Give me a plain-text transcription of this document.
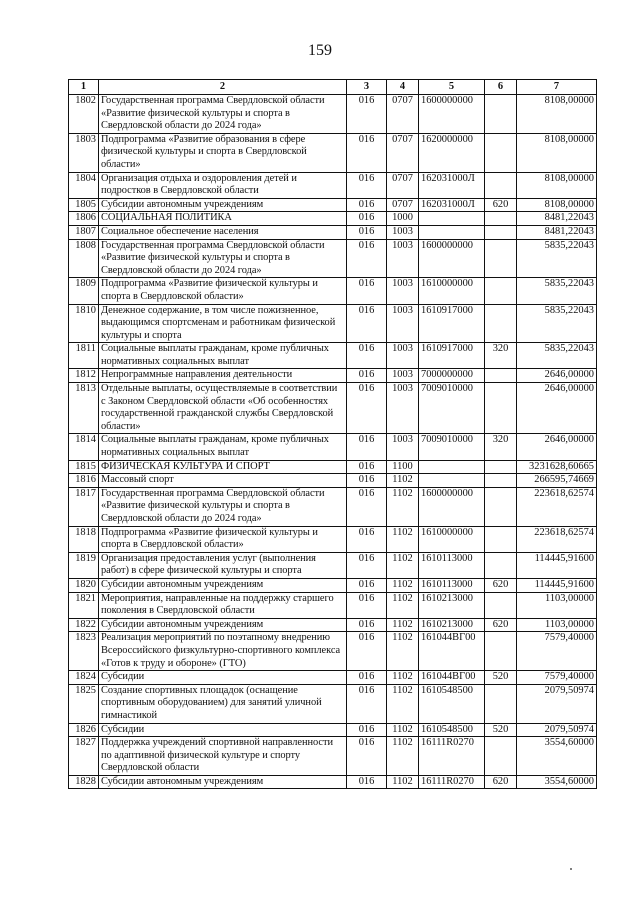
159
1	2	3	4	5	6	7
1802	Государственная программа Свердловской области «Развитие физической культуры и спорта в Свердловской области до 2024 года»	016	0707	1600000000		8108,00000
1803	Подпрограмма «Развитие образования в сфере физической культуры и спорта в Свердловской области»	016	0707	1620000000		8108,00000
1804	Организация отдыха и оздоровления детей и подростков в Свердловской области	016	0707	162031000Л		8108,00000
1805	Субсидии автономным учреждениям	016	0707	162031000Л	620	8108,00000
1806	СОЦИАЛЬНАЯ ПОЛИТИКА	016	1000			8481,22043
1807	Социальное обеспечение населения	016	1003			8481,22043
1808	Государственная программа Свердловской области «Развитие физической культуры и спорта в Свердловской области до 2024 года»	016	1003	1600000000		5835,22043
1809	Подпрограмма «Развитие физической культуры и спорта в Свердловской области»	016	1003	1610000000		5835,22043
1810	Денежное содержание, в том числе пожизненное, выдающимся спортсменам и работникам физической культуры и спорта	016	1003	1610917000		5835,22043
1811	Социальные выплаты гражданам, кроме публичных нормативных социальных выплат	016	1003	1610917000	320	5835,22043
1812	Непрограммные направления деятельности	016	1003	7000000000		2646,00000
1813	Отдельные выплаты, осуществляемые в соответствии с Законом Свердловской области «Об особенностях государственной гражданской службы Свердловской области»	016	1003	7009010000		2646,00000
1814	Социальные выплаты гражданам, кроме публичных нормативных социальных выплат	016	1003	7009010000	320	2646,00000
1815	ФИЗИЧЕСКАЯ КУЛЬТУРА И СПОРТ	016	1100			3231628,60665
1816	Массовый спорт	016	1102			266595,74669
1817	Государственная программа Свердловской области «Развитие физической культуры и спорта в Свердловской области до 2024 года»	016	1102	1600000000		223618,62574
1818	Подпрограмма «Развитие физической культуры и спорта в Свердловской области»	016	1102	1610000000		223618,62574
1819	Организация предоставления услуг (выполнения работ) в сфере физической культуры и спорта	016	1102	1610113000		114445,91600
1820	Субсидии автономным учреждениям	016	1102	1610113000	620	114445,91600
1821	Мероприятия, направленные на поддержку старшего поколения в Свердловской области	016	1102	1610213000		1103,00000
1822	Субсидии автономным учреждениям	016	1102	1610213000	620	1103,00000
1823	Реализация мероприятий по поэтапному внедрению Всероссийского физкультурно-спортивного комплекса «Готов к труду и обороне» (ГТО)	016	1102	161044ВГ00		7579,40000
1824	Субсидии	016	1102	161044ВГ00	520	7579,40000
1825	Создание спортивных площадок (оснащение спортивным оборудованием) для занятий уличной гимнастикой	016	1102	1610548500		2079,50974
1826	Субсидии	016	1102	1610548500	520	2079,50974
1827	Поддержка учреждений спортивной направленности по адаптивной физической культуре и спорту Свердловской области	016	1102	16111R0270		3554,60000
1828	Субсидии автономным учреждениям	016	1102	16111R0270	620	3554,60000
